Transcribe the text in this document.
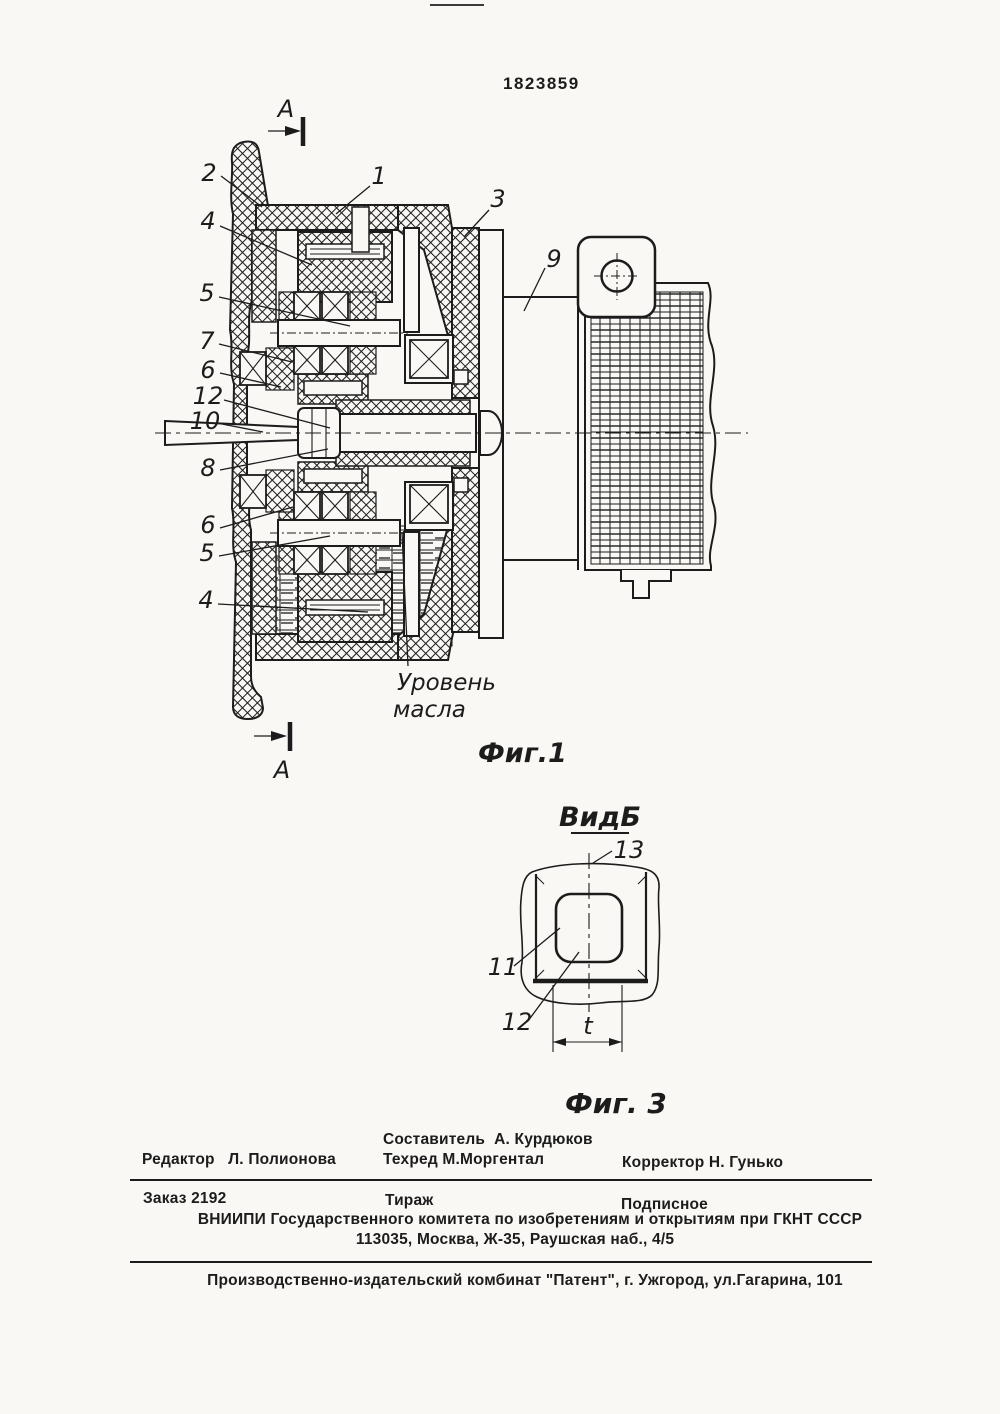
1823859
А
А
2	1
4
3
5
9
7
6
12
10
8
6
5
4
Уровень
масла
Фиг.1
13
11
12 t
ВидБ
Фиг. 3
Составитель  А. Курдюков
Редактор   Л. Полионова	Техред М.Моргентал	Корректор Н. Гунько
Заказ 2192	Тираж	Подписное
ВНИИПИ Государственного комитета по изобретениям и открытиям при ГКНТ СССР
113035, Москва, Ж-35, Раушская наб., 4/5
Производственно-издательский комбинат "Патент", г. Ужгород, ул.Гагарина, 101
